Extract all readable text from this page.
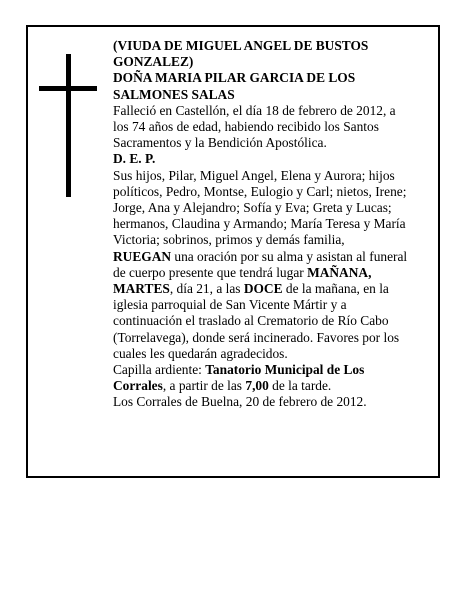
(VIUDA DE MIGUEL ANGEL DE BUSTOS GONZALEZ)

DOÑA MARIA PILAR GARCIA DE LOS SALMONES SALAS

Falleció en Castellón, el día 18 de febrero de 2012, a los 74 años de edad, habiendo recibido los Santos Sacramentos y la Bendición Apostólica.

D. E. P.

Sus hijos, Pilar, Miguel Angel, Elena y Aurora; hijos políticos, Pedro, Montse, Eulogio y Carl; nietos, Irene; Jorge, Ana y Alejandro; Sofía y Eva; Greta y Lucas; hermanos, Claudina y Armando; María Teresa y María Victoria; sobrinos, primos y demás familia,

RUEGAN una oración por su alma y asistan al funeral de cuerpo presente que tendrá lugar MAÑANA, MARTES, día 21, a las DOCE de la mañana, en la iglesia parroquial de San Vicente Mártir y a continuación el traslado al Crematorio de Río Cabo (Torrelavega), donde será incinerado. Favores por los cuales les quedarán agradecidos.

Capilla ardiente: Tanatorio Municipal de Los Corrales, a partir de las 7,00 de la tarde.

Los Corrales de Buelna, 20 de febrero de 2012.
